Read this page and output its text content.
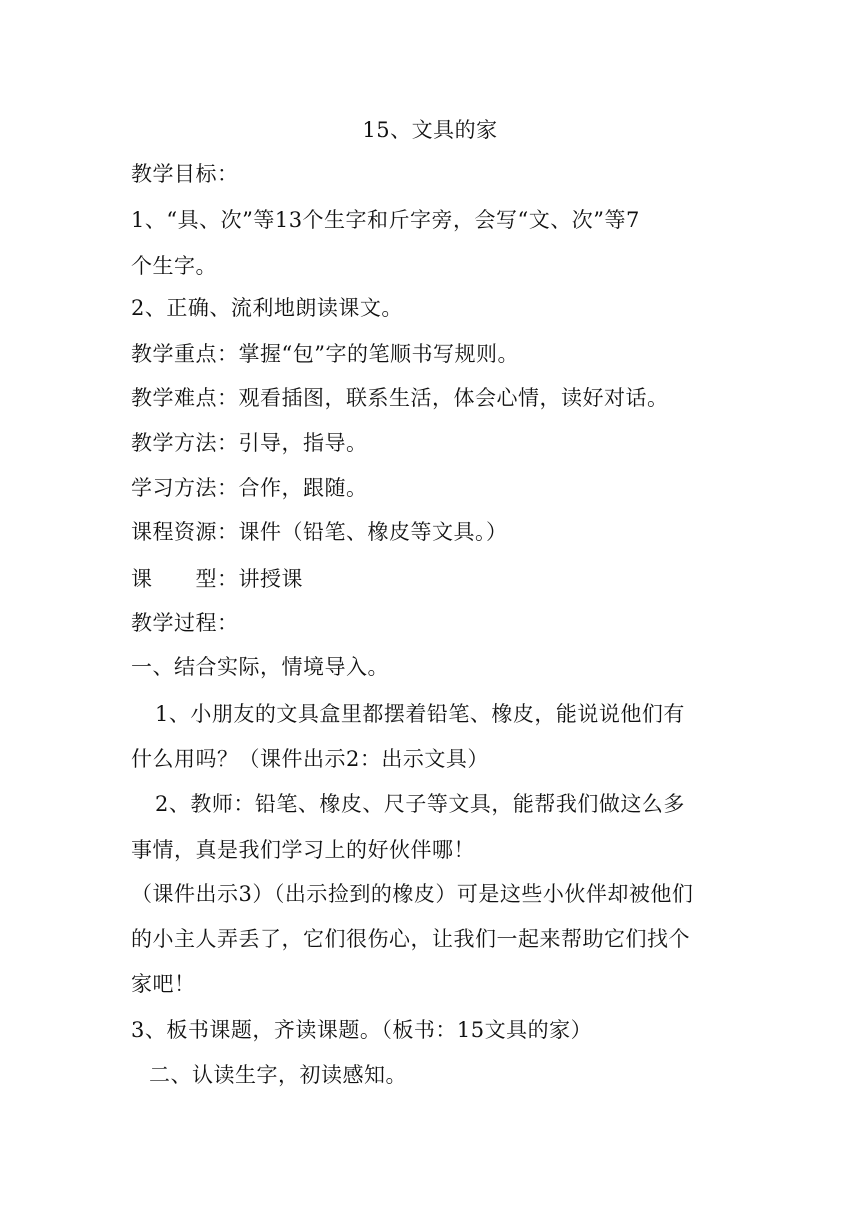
15、文具的家
教学目标：
1、“具、次”等13个生字和斤字旁，会写“文、次”等7
个生字。
2、正确、流利地朗读课文。
教学重点：掌握“包”字的笔顺书写规则。
教学难点：观看插图，联系生活，体会心情，读好对话。
教学方法：引导，指导。
学习方法：合作，跟随。
课程资源：课件（铅笔、橡皮等文具。）
课　　型：讲授课
教学过程：
一、结合实际，情境导入。
1、小朋友的文具盒里都摆着铅笔、橡皮，能说说他们有
什么用吗？（课件出示2：出示文具）
2、教师：铅笔、橡皮、尺子等文具，能帮我们做这么多
事情，真是我们学习上的好伙伴哪！
（课件出示3）（出示捡到的橡皮）可是这些小伙伴却被他们
的小主人弄丢了，它们很伤心，让我们一起来帮助它们找个
家吧！
3、板书课题，齐读课题。（板书：15文具的家）
二、认读生字，初读感知。
